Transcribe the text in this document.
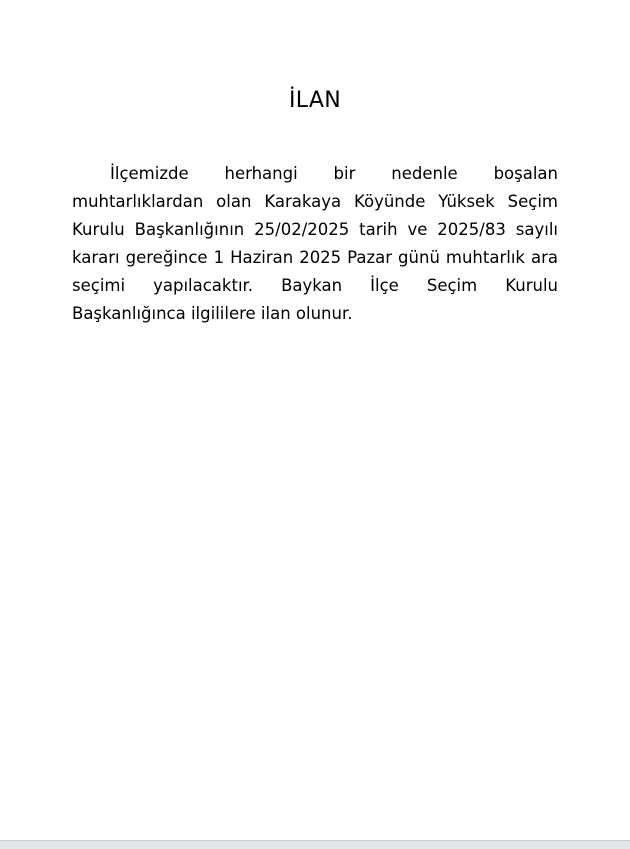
İLAN

İlçemizde herhangi bir nedenle boşalan muhtarlıklardan olan Karakaya Köyünde Yüksek Seçim Kurulu Başkanlığının 25/02/2025 tarih ve 2025/83 sayılı kararı gereğince 1 Haziran 2025 Pazar günü muhtarlık ara seçimi yapılacaktır. Baykan İlçe Seçim Kurulu Başkanlığınca ilgililere ilan olunur.
